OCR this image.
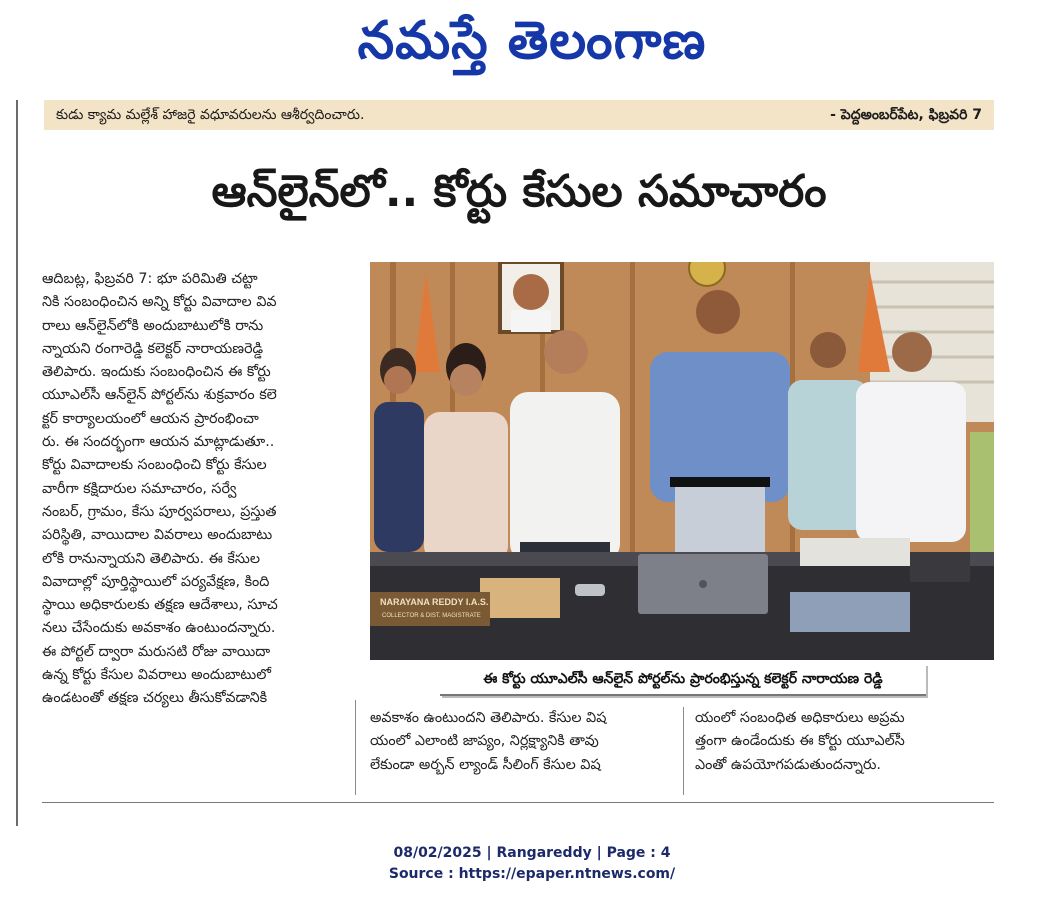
నమస్తే తెలంగాణ
కుడు క్యామ మల్లేశ్ హాజరై వధూవరులను ఆశీర్వదించారు.	- పెద్దఅంబర్‌పేట, ఫిబ్రవరి 7
ఆన్‌లైన్‌లో.. కోర్టు కేసుల సమాచారం
ఆదిబట్ల, ఫిబ్రవరి 7: భూ పరిమితి చట్టా
నికి సంబంధించిన అన్ని కోర్టు వివాదాల వివ
రాలు ఆన్‌లైన్‌లోకి అందుబాటులోకి రాను
న్నాయని రంగారెడ్డి కలెక్టర్ నారాయణరెడ్డి
తెలిపారు. ఇందుకు సంబంధించిన ఈ కోర్టు
యూఎల్‌సీ ఆన్‌లైన్ పోర్టల్‌ను శుక్రవారం కలె
క్టర్ కార్యాలయంలో ఆయన ప్రారంభించా
రు. ఈ సందర్భంగా ఆయన మాట్లాడుతూ..
కోర్టు వివాదాలకు సంబంధించి కోర్టు కేసుల
వారీగా కక్షిదారుల సమాచారం, సర్వే
నంబర్, గ్రామం, కేసు పూర్వపరాలు, ప్రస్తుత
పరిస్థితి, వాయిదాల వివరాలు అందుబాటు
లోకి రానున్నాయని తెలిపారు. ఈ కేసుల
వివాదాల్లో పూర్తిస్థాయిలో పర్యవేక్షణ, కింది
స్థాయి అధికారులకు తక్షణ ఆదేశాలు, సూచ
నలు చేసేందుకు అవకాశం ఉంటుందన్నారు.
ఈ పోర్టల్ ద్వారా మరుసటి రోజు వాయిదా
ఉన్న కోర్టు కేసుల వివరాలు అందుబాటులో
ఉండటంతో తక్షణ చర్యలు తీసుకోవడానికి
అవకాశం ఉంటుందని తెలిపారు. కేసుల విష
యంలో ఎలాంటి జాప్యం, నిర్లక్ష్యానికి తావు
లేకుండా అర్బన్ ల్యాండ్ సీలింగ్ కేసుల విష
యంలో సంబంధిత అధికారులు అప్రమ
త్తంగా ఉండేందుకు ఈ కోర్టు యూఎల్‌సీ
ఎంతో ఉపయోగపడుతుందన్నారు.
NARAYANA REDDY I.A.S.
COLLECTOR & DIST. MAGISTRATE
ఈ కోర్టు యూఎల్‌సీ ఆన్‌లైన్ పోర్టల్‌ను ప్రారంభిస్తున్న కలెక్టర్ నారాయణ రెడ్డి
08/02/2025 | Rangareddy | Page : 4
Source : https://epaper.ntnews.com/
